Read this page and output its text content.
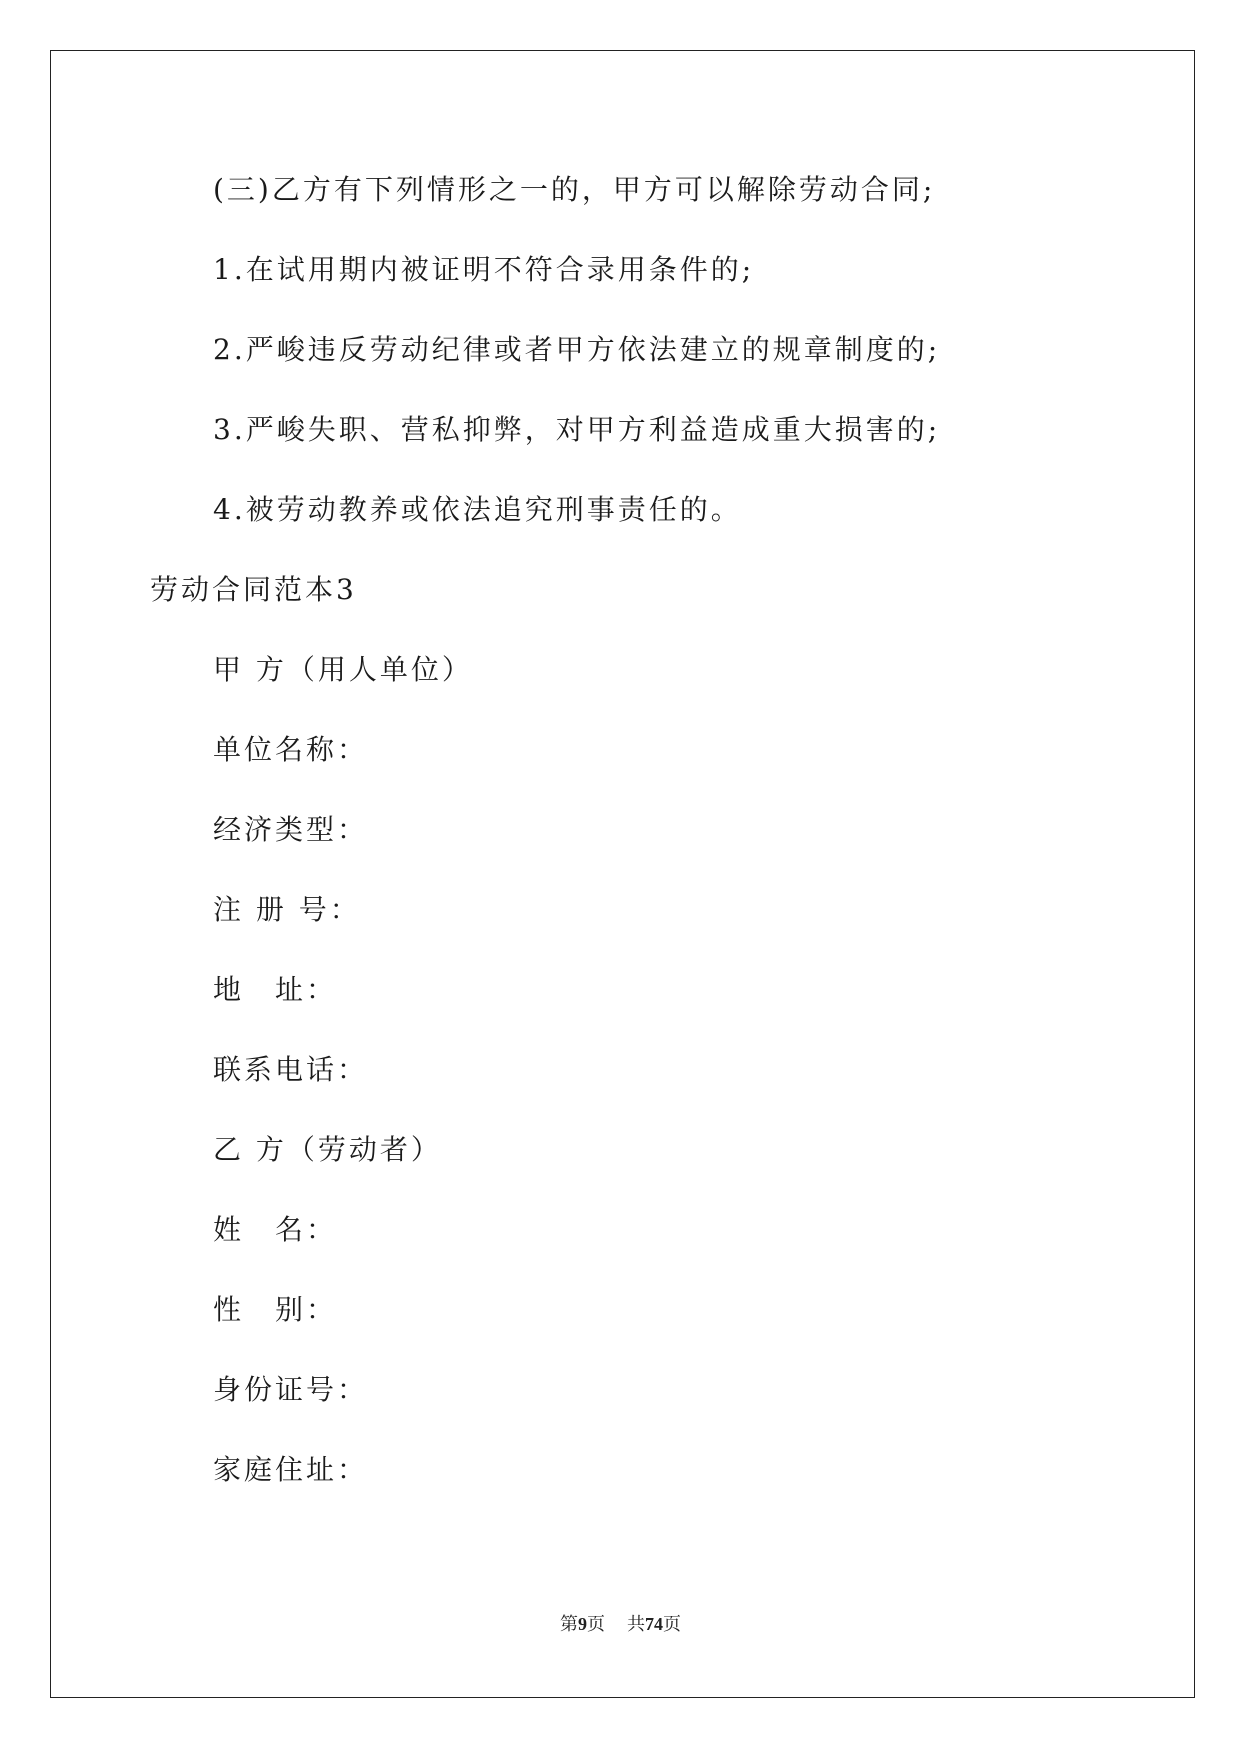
(三)乙方有下列情形之一的，甲方可以解除劳动合同;
1.在试用期内被证明不符合录用条件的;
2.严峻违反劳动纪律或者甲方依法建立的规章制度的;
3.严峻失职、营私抑弊，对甲方利益造成重大损害的;
4.被劳动教养或依法追究刑事责任的。
劳动合同范本3
甲 方（用人单位）
单位名称：
经济类型：
注 册 号：
地　址：
联系电话：
乙 方（劳动者）
姓　名：
性　别：
身份证号：
家庭住址：
第9页 共74页
